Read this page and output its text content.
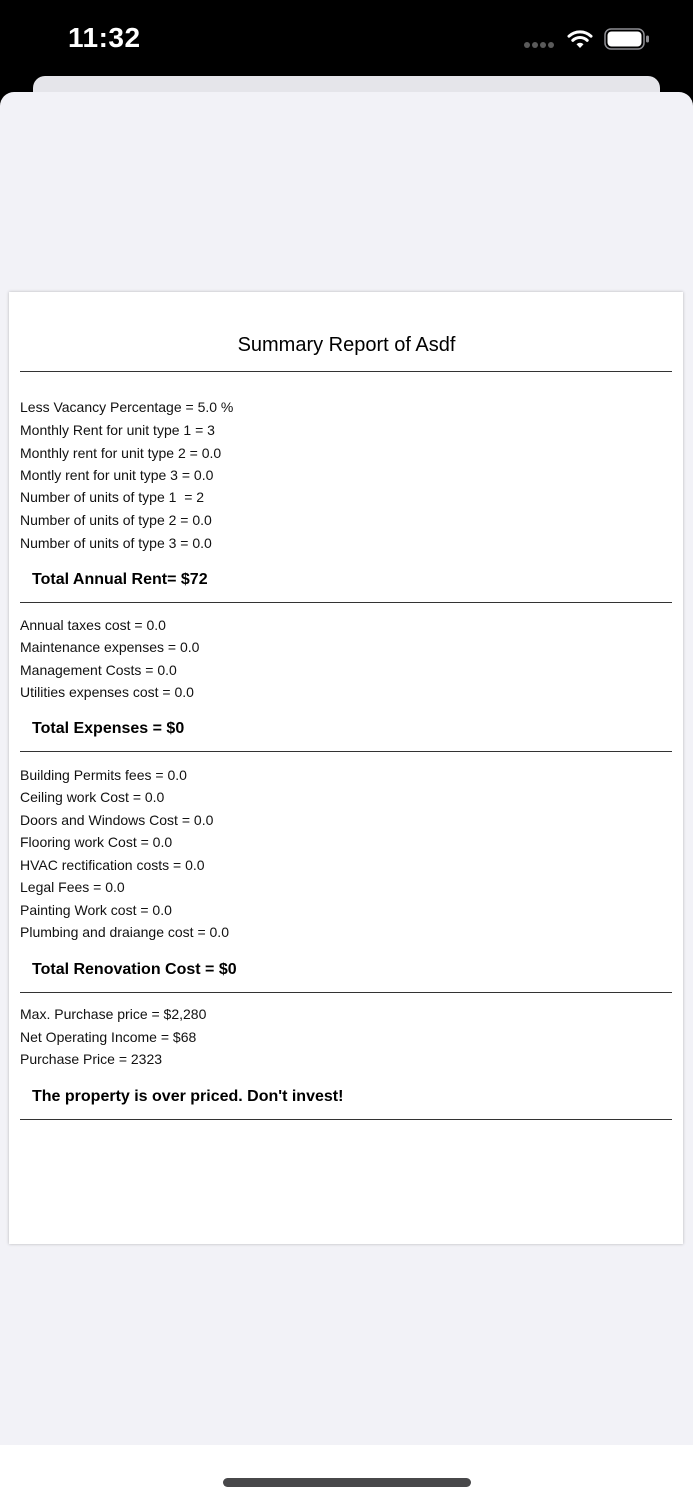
11:32
Summary Report of Asdf
Less Vacancy Percentage = 5.0 %
Monthly Rent for unit type 1 = 3
Monthly rent for unit type 2 = 0.0
Montly rent for unit type 3 = 0.0
Number of units of type 1  = 2
Number of units of type 2 = 0.0
Number of units of type 3 = 0.0
Total Annual Rent= $72
Annual taxes cost = 0.0
Maintenance expenses = 0.0
Management Costs = 0.0
Utilities expenses cost = 0.0
Total Expenses = $0
Building Permits fees = 0.0
Ceiling work Cost = 0.0
Doors and Windows Cost = 0.0
Flooring work Cost = 0.0
HVAC rectification costs = 0.0
Legal Fees = 0.0
Painting Work cost = 0.0
Plumbing and draiange cost = 0.0
Total Renovation Cost = $0
Max. Purchase price = $2,280
Net Operating Income = $68
Purchase Price = 2323
The property is over priced. Don't invest!
